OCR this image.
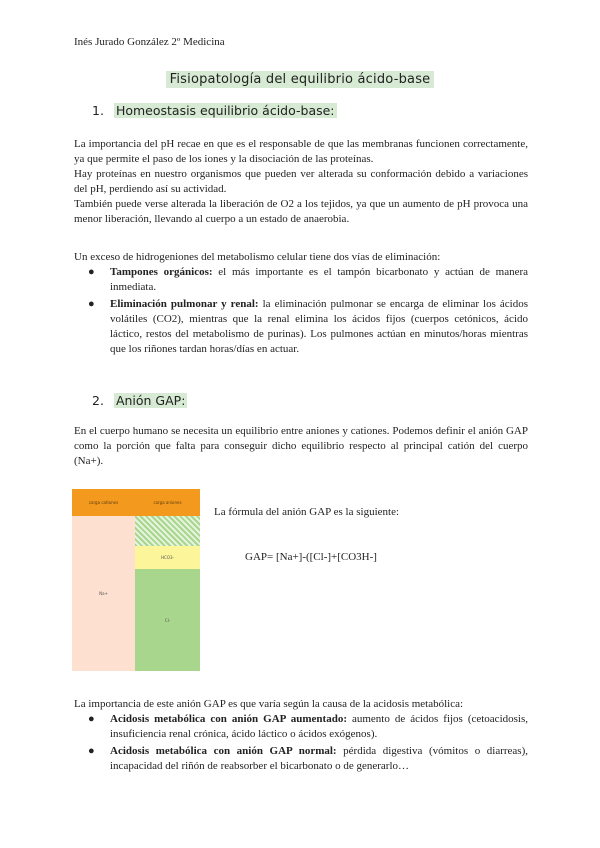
Inés Jurado González 2º Medicina
Fisiopatología del equilibrio ácido-base
1. Homeostasis equilibrio ácido-base:
La importancia del pH recae en que es el responsable de que las membranas funcionen correctamente, ya que permite el paso de los iones y la disociación de las proteínas.
Hay proteínas en nuestro organismos que pueden ver alterada su conformación debido a variaciones del pH, perdiendo así su actividad.
También puede verse alterada la liberación de O2 a los tejidos, ya que un aumento de pH provoca una menor liberación, llevando al cuerpo a un estado de anaerobia.
Un exceso de hidrogeniones del metabolismo celular tiene dos vías de eliminación:
● Tampones orgánicos: el más importante es el tampón bicarbonato y actúan de manera inmediata.
● Eliminación pulmonar y renal: la eliminación pulmonar se encarga de eliminar los ácidos volátiles (CO2), mientras que la renal elimina los ácidos fijos (cuerpos cetónicos, ácido láctico, restos del metabolismo de purinas). Los pulmones actúan en minutos/horas mientras que los riñones tardan horas/días en actuar.
2. Anión GAP:
En el cuerpo humano se necesita un equilibrio entre aniones y cationes. Podemos definir el anión GAP como la porción que falta para conseguir dicho equilibrio respecto al principal catión del cuerpo (Na+).
carga cationes	carga aniones
Na+
HCO3-
Cl-
La fórmula del anión GAP es la siguiente:
GAP= [Na+]-([Cl-]+[CO3H-]
La importancia de este anión GAP es que varía según la causa de la acidosis metabólica:
● Acidosis metabólica con anión GAP aumentado: aumento de ácidos fijos (cetoacidosis, insuficiencia renal crónica, ácido láctico o ácidos exógenos).
● Acidosis metabólica con anión GAP normal: pérdida digestiva (vómitos o diarreas), incapacidad del riñón de reabsorber el bicarbonato o de generarlo…
